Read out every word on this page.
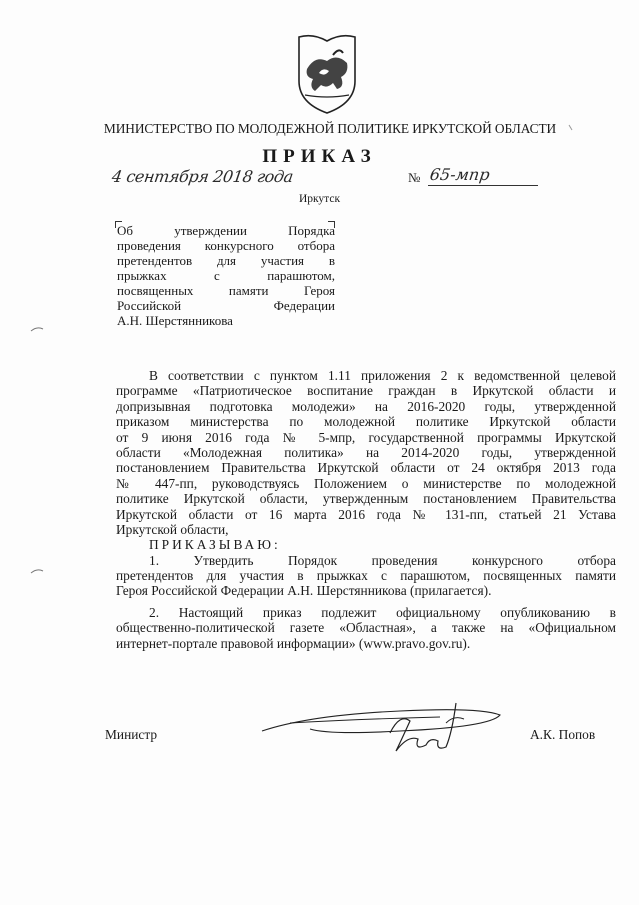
МИНИСТЕРСТВО ПО МОЛОДЕЖНОЙ ПОЛИТИКЕ ИРКУТСКОЙ ОБЛАСТИ
ПРИКАЗ
4 сентября 2018 года	№ 65-мпр
Иркутск
Об утверждении Порядка
проведения конкурсного отбора
претендентов для участия в
прыжках с парашютом,
посвященных памяти Героя
Российской Федерации
А.Н. Шерстянникова
В соответствии с пунктом 1.11 приложения 2 к ведомственной целевой
программе «Патриотическое воспитание граждан в Иркутской области и
допризывная подготовка молодежи» на 2016-2020 годы, утвержденной
приказом министерства по молодежной политике Иркутской области
от 9 июня 2016 года № 5-мпр, государственной программы Иркутской
области «Молодежная политика» на 2014-2020 годы, утвержденной
постановлением Правительства Иркутской области от 24 октября 2013 года
№ 447-пп, руководствуясь Положением о министерстве по молодежной
политике Иркутской области, утвержденным постановлением Правительства
Иркутской области от 16 марта 2016 года № 131-пп, статьей 21 Устава
Иркутской области,
ПРИКАЗЫВАЮ:
1. Утвердить Порядок проведения конкурсного отбора
претендентов для участия в прыжках с парашютом, посвященных памяти
Героя Российской Федерации А.Н. Шерстянникова (прилагается).
2. Настоящий приказ подлежит официальному опубликованию в
общественно-политической газете «Областная», а также на «Официальном
интернет-портале правовой информации» (www.pravo.gov.ru).
Министр	А.К. Попов
